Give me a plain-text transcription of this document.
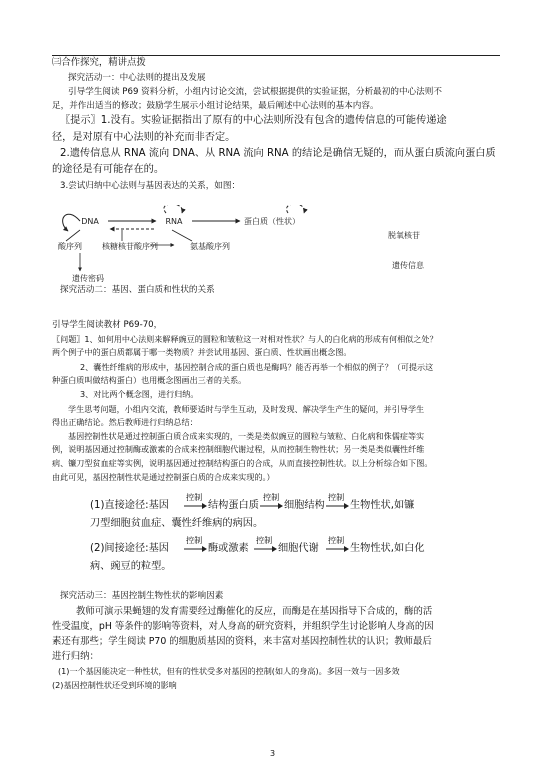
㈢合作探究，精讲点拨
探究活动一：中心法则的提出及发展
引导学生阅读 P69 资料分析，小组内讨论交流，尝试根据提供的实验证据，分析最初的中心法则不
足，并作出适当的修改；鼓励学生展示小组讨论结果，最后阐述中心法则的基本内容。
〖提示〗1.没有。实验证据指出了原有的中心法则所没有包含的遗传信息的可能传递途
径，是对原有中心法则的补充而非否定。
2.遗传信息从 RNA 流向 DNA、从 RNA 流向 RNA 的结论是确信无疑的，而从蛋白质流向蛋白质
的途径是有可能存在的。
3.尝试归纳中心法则与基因表达的关系，如图：
DNA	RNA	蛋白质（性状）
酸序列	核糖核苷酸序列	氨基酸序列
脱氧核苷
遗传信息
遗传密码
探究活动二：基因、蛋白质和性状的关系
引导学生阅读教材 P69-70，
〖问题〗1、如何用中心法则来解释豌豆的圆粒和皱粒这一对相对性状？与人的白化病的形成有何相似之处？
两个例子中的蛋白质都属于哪一类物质？并尝试用基因、蛋白质、性状画出概念图。
2、囊性纤维病的形成中，基因控制合成的蛋白质也是酶吗？能否再举一个相似的例子？（可提示这
种蛋白质叫做结构蛋白）也用概念图画出三者的关系。
3、对比两个概念图，进行归纳。
学生思考问题，小组内交流，教师要适时与学生互动，及时发现、解决学生产生的疑问，并引导学生
得出正确结论。然后教师进行归纳总结：
基因控制性状是通过控制蛋白质合成来实现的，一类是类似豌豆的圆粒与皱粒、白化病和侏儒症等实
例，说明基因通过控制酶或激素的合成来控制细胞代谢过程，从而控制生物性状；另一类是类似囊性纤维
病、镰刀型贫血症等实例，说明基因通过控制结构蛋白的合成，从而直接控制性状。以上分析综合如下图。
由此可见，基因控制性状是通过控制蛋白质的合成来实现的。）
(1)直接途径:基因
控制
结构蛋白质
控制
细胞结构
控制
生物性状,如镰
刀型细胞贫血症、囊性纤维病的病因。
(2)间接途径:基因
控制
酶或激素
控制
细胞代谢
控制
生物性状,如白化
病、豌豆的粒型。
探究活动三：基因控制生物性状的影响因素
教师可演示果蝇翅的发育需要经过酶催化的反应，而酶是在基因指导下合成的，酶的活
性受温度，pH 等条件的影响等资料，对人身高的研究资料，并组织学生讨论影响人身高的因
素还有那些；学生阅读 P70 的细胞质基因的资料，来丰富对基因控制性状的认识；教师最后
进行归纳：
(1)一个基因能决定一种性状，但有的性状受多对基因的控制(如人的身高)。多因一效与一因多效
(2)基因控制性状还受到环境的影响
3
